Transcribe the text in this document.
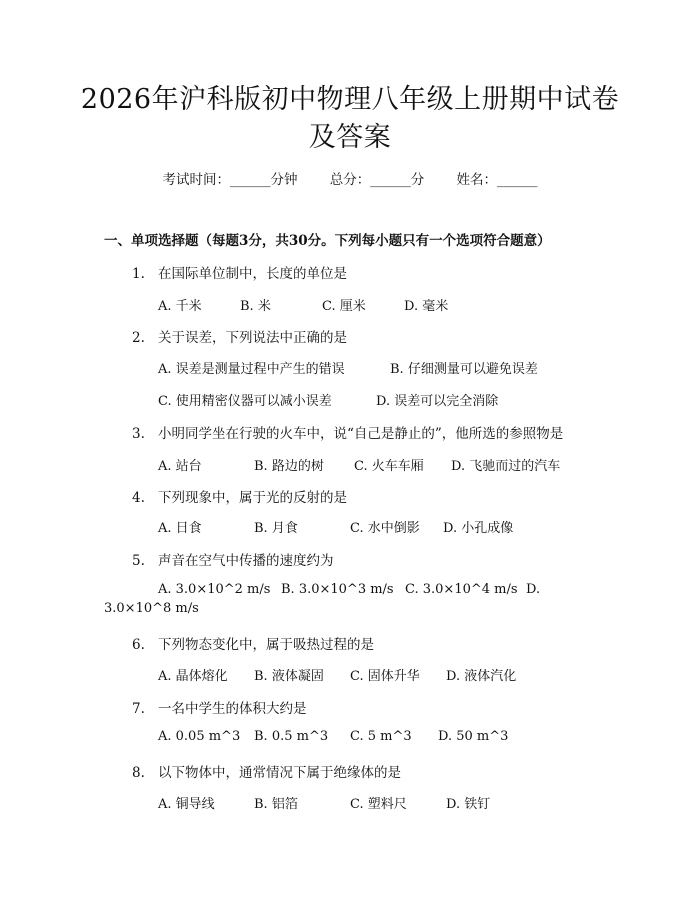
2026年沪科版初中物理八年级上册期中试卷
及答案
考试时间：______分钟 总分：______分 姓名：______
一、单项选择题（每题3分，共30分。下列每小题只有一个选项符合题意）
1. 在国际单位制中，长度的单位是
A. 千米	B. 米	C. 厘米	D. 毫米
2. 关于误差，下列说法中正确的是
A. 误差是测量过程中产生的错误	B. 仔细测量可以避免误差
C. 使用精密仪器可以减小误差	D. 误差可以完全消除
3. 小明同学坐在行驶的火车中，说“自己是静止的”，他所选的参照物是
A. 站台	B. 路边的树 C. 火车车厢 D. 飞驰而过的汽车
4. 下列现象中，属于光的反射的是
A. 日食	B. 月食	C. 水中倒影 D. 小孔成像
5. 声音在空气中传播的速度约为
A. 3.0×10^2 m/s B. 3.0×10^3 m/s C. 3.0×10^4 m/s D.
3.0×10^8 m/s
6. 下列物态变化中，属于吸热过程的是
A. 晶体熔化 B. 液体凝固 C. 固体升华 D. 液体汽化
7. 一名中学生的体积大约是
A. 0.05 m^3 B. 0.5 m^3 C. 5 m^3 D. 50 m^3
8. 以下物体中，通常情况下属于绝缘体的是
A. 铜导线	B. 铝箔	C. 塑料尺	D. 铁钉
